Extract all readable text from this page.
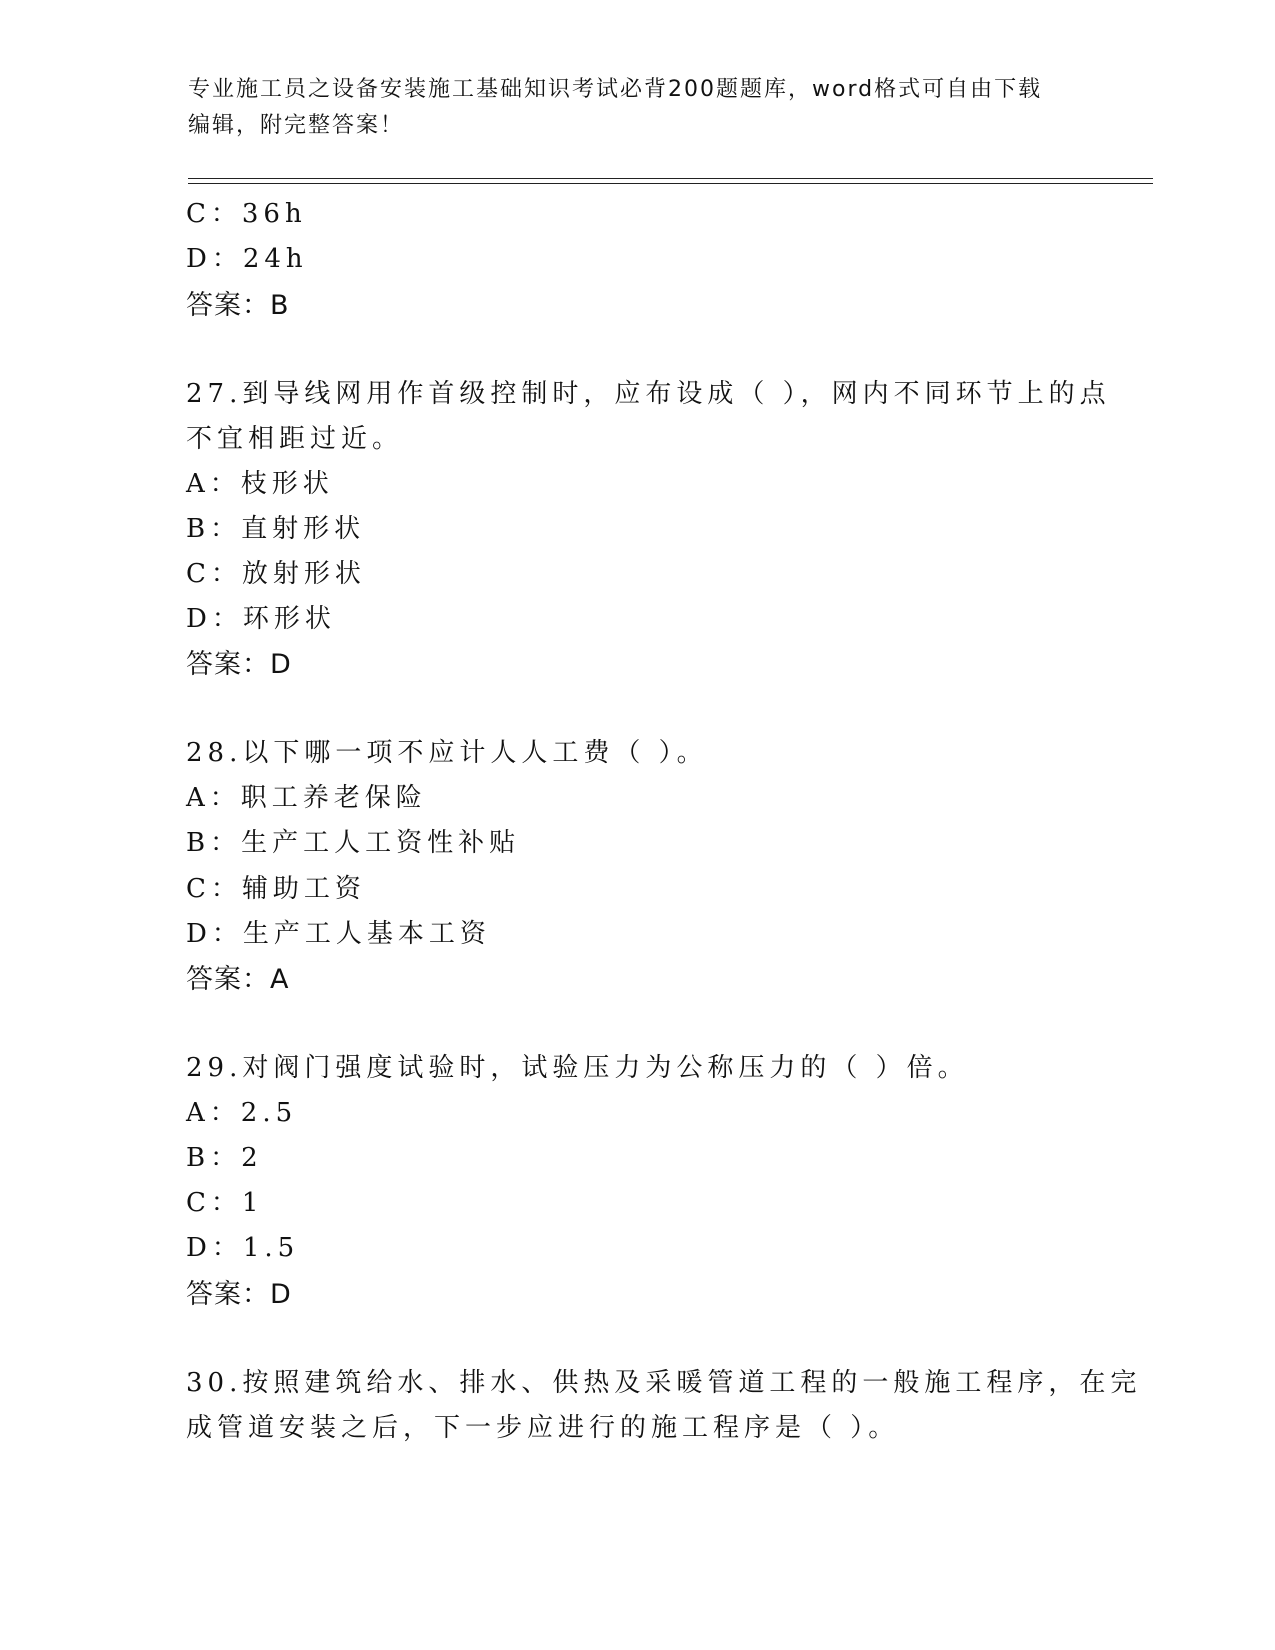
专业施工员之设备安装施工基础知识考试必背200题题库，word格式可自由下载
编辑，附完整答案！
C：36h
D：24h
答案：B
27.到导线网用作首级控制时，应布设成（ ），网内不同环节上的点
不宜相距过近。
A：枝形状
B：直射形状
C：放射形状
D：环形状
答案：D
28.以下哪一项不应计人人工费（ ）。
A：职工养老保险
B：生产工人工资性补贴
C：辅助工资
D：生产工人基本工资
答案：A
29.对阀门强度试验时，试验压力为公称压力的（ ）倍。
A：2.5
B：2
C：1
D：1.5
答案：D
30.按照建筑给水、排水、供热及采暖管道工程的一般施工程序，在完
成管道安装之后，下一步应进行的施工程序是（ ）。
